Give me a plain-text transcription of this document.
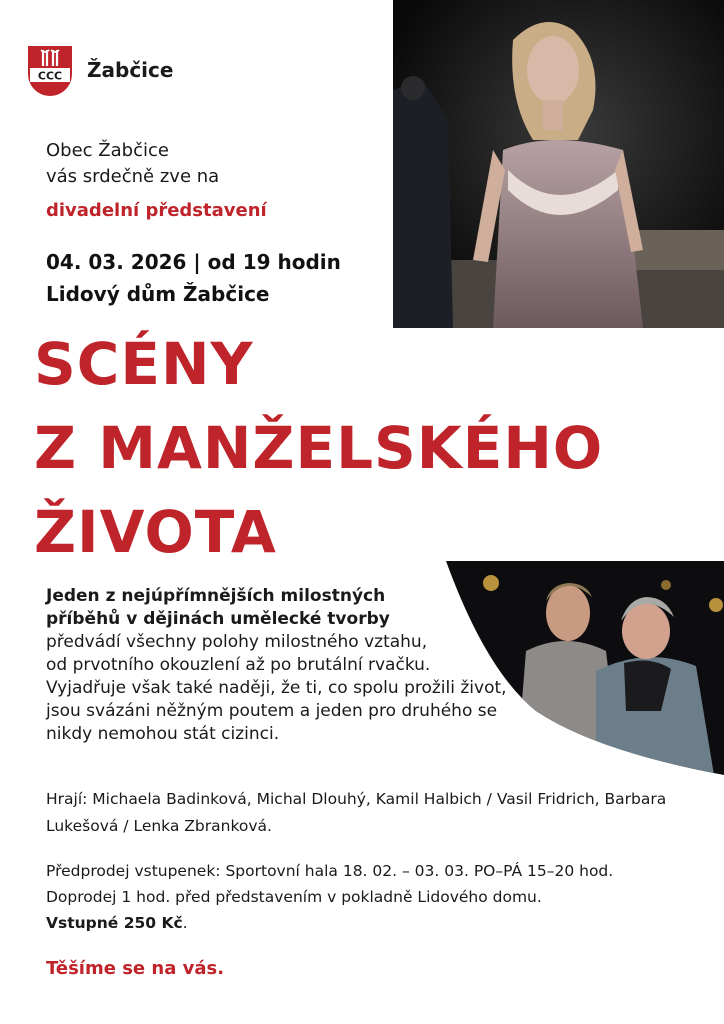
CCC Žabčice
Obec Žabčice
vás srdečně zve na
divadelní představení
04. 03. 2026 | od 19 hodin
Lidový dům Žabčice
SCÉNY
Z MANŽELSKÉHO
ŽIVOTA
Jeden z nejúpřímnějších milostných
příběhů v dějinách umělecké tvorby
předvádí všechny polohy milostného vztahu,
od prvotního okouzlení až po brutální rvačku.
Vyjadřuje však také naději, že ti, co spolu prožili život,
jsou svázáni něžným poutem a jeden pro druhého se
nikdy nemohou stát cizinci.
Hrají: Michaela Badinková, Michal Dlouhý, Kamil Halbich / Vasil Fridrich, Barbara
Lukešová / Lenka Zbranková.
Předprodej vstupenek: Sportovní hala 18. 02. – 03. 03. PO–PÁ 15–20 hod.
Doprodej 1 hod. před představením v pokladně Lidového domu.
Vstupné 250 Kč.
Těšíme se na vás.
